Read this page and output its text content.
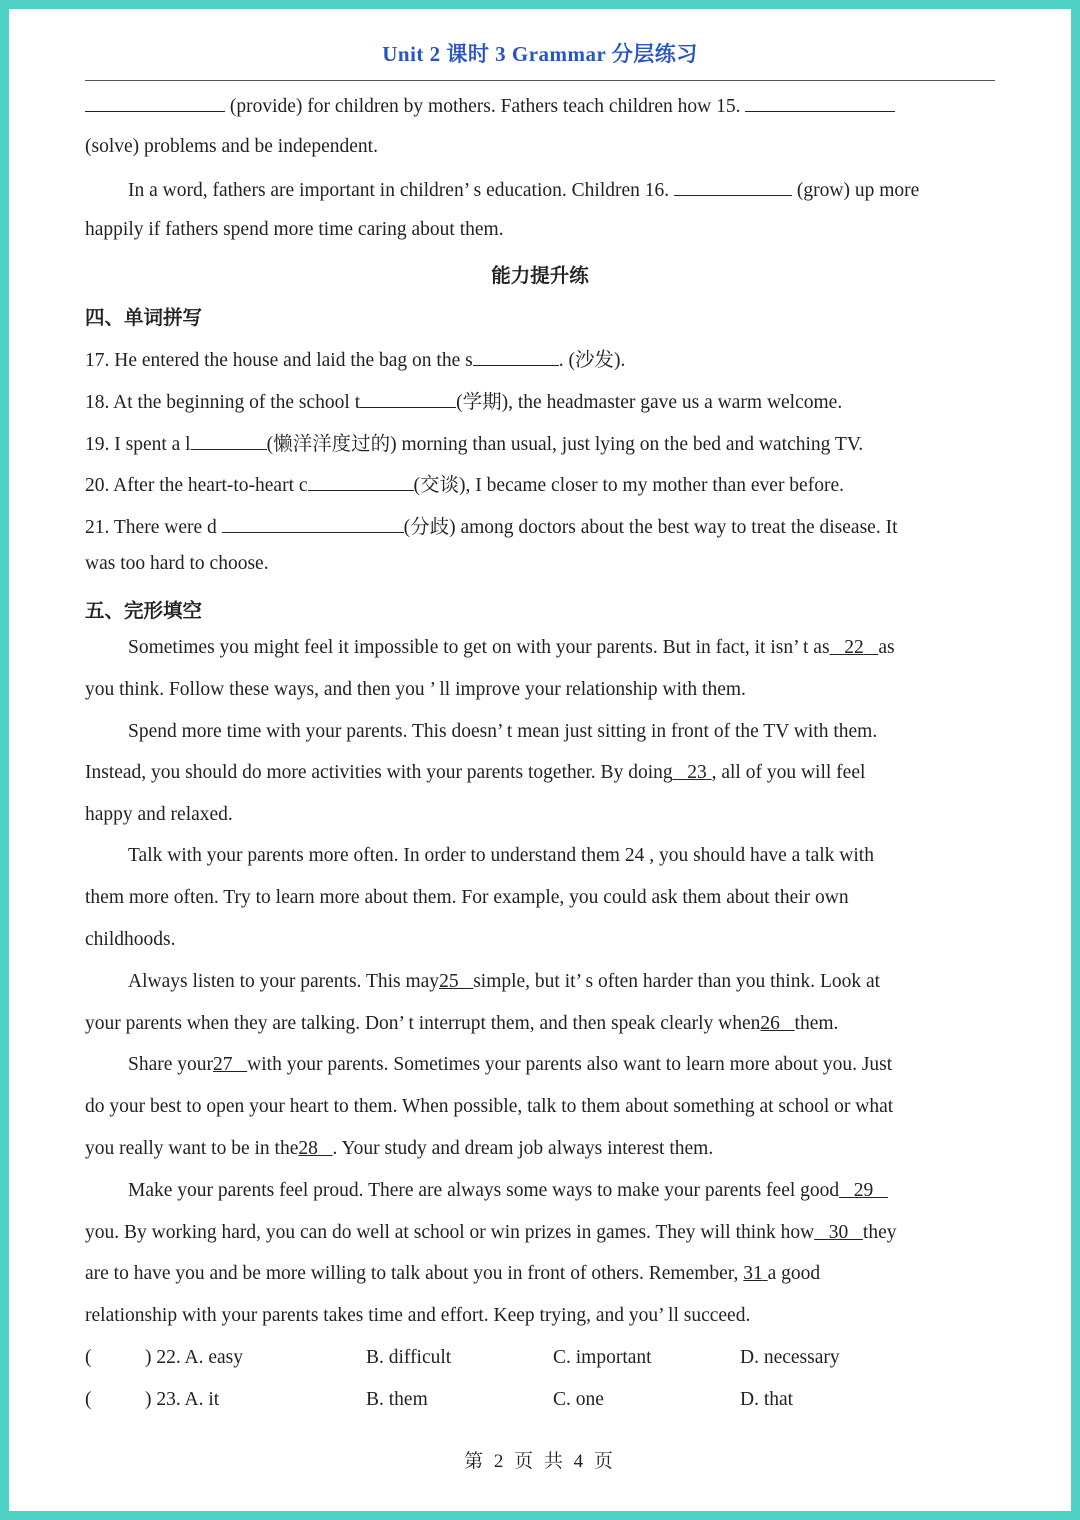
Unit 2 课时 3 Grammar 分层练习
(provide) for children by mothers. Fathers teach children how 15.
(solve) problems and be independent.
In a word, fathers are important in children’ s education. Children 16.	(grow) up more
happily if fathers spend more time caring about them.
能力提升练
四、单词拼写
17. He entered the house and laid the bag on the s	. (沙发).
18. At the beginning of the school t	(学期), the headmaster gave us a warm welcome.
19. I spent a l	(懒洋洋度过的) morning than usual, just lying on the bed and watching TV.
20. After the heart-to-heart c	(交谈), I became closer to my mother than ever before.
21. There were d	(分歧) among doctors about the best way to treat the disease. It
was too hard to choose.
五、完形填空
Sometimes you might feel it impossible to get on with your parents. But in fact, it isn’ t as 22 as
you think. Follow these ways, and then you ’ ll improve your relationship with them.
Spend more time with your parents. This doesn’ t mean just sitting in front of the TV with them.
Instead, you should do more activities with your parents together. By doing 23 , all of you will feel
happy and relaxed.
Talk with your parents more often. In order to understand them 24 , you should have a talk with
them more often. Try to learn more about them. For example, you could ask them about their own
childhoods.
Always listen to your parents. This may25 simple, but it’ s often harder than you think. Look at
your parents when they are talking. Don’ t interrupt them, and then speak clearly when26 them.
Share your27 with your parents. Sometimes your parents also want to learn more about you. Just
do your best to open your heart to them. When possible, talk to them about something at school or what
you really want to be in the28 . Your study and dream job always interest them.
Make your parents feel proud. There are always some ways to make your parents feel good 29
you. By working hard, you can do well at school or win prizes in games. They will think how 30 they
are to have you and be more willing to talk about you in front of others. Remember, 31 a good
relationship with your parents takes time and effort. Keep trying, and you’ ll succeed.
(	) 22. A. easy	B. difficult	C. important	D. necessary
(	) 23. A. it	B. them	C. one	D. that
第 2 页 共 4 页
